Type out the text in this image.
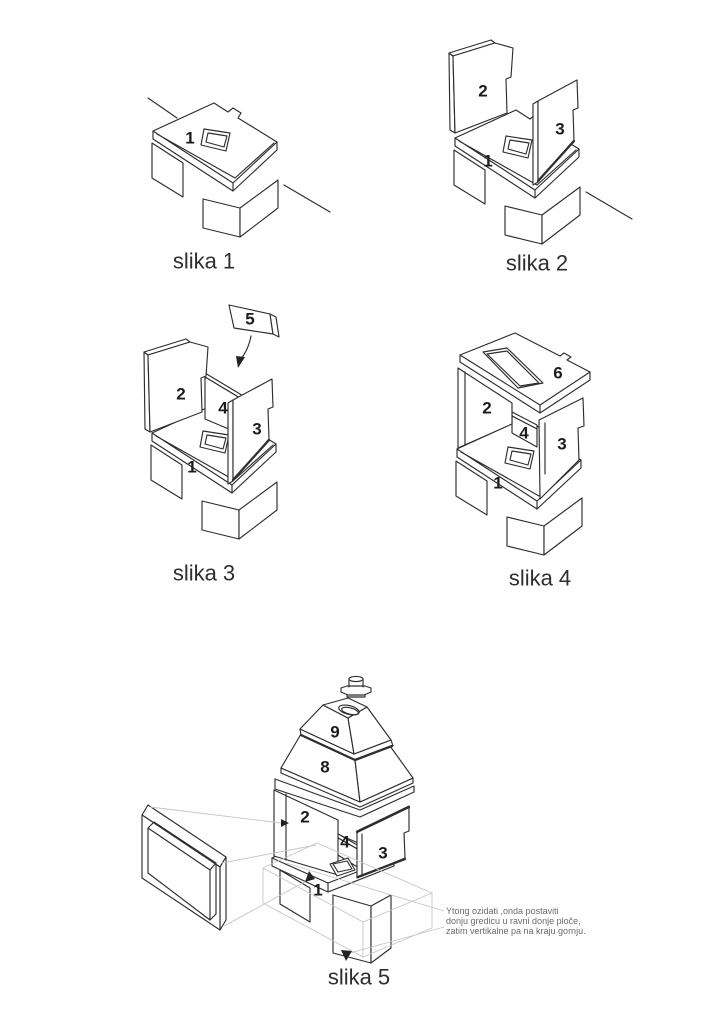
1
slika 1
2
3
1
slika 2
5
2
4
3
1
slika 3
6
2
4
3
1
slika 4
9
8
2
4
3
1
slika 5
Ytong ozidati ,onda postaviti
donju gredicu u ravni donje ploče,
zatim vertikalne pa na kraju gornju.
